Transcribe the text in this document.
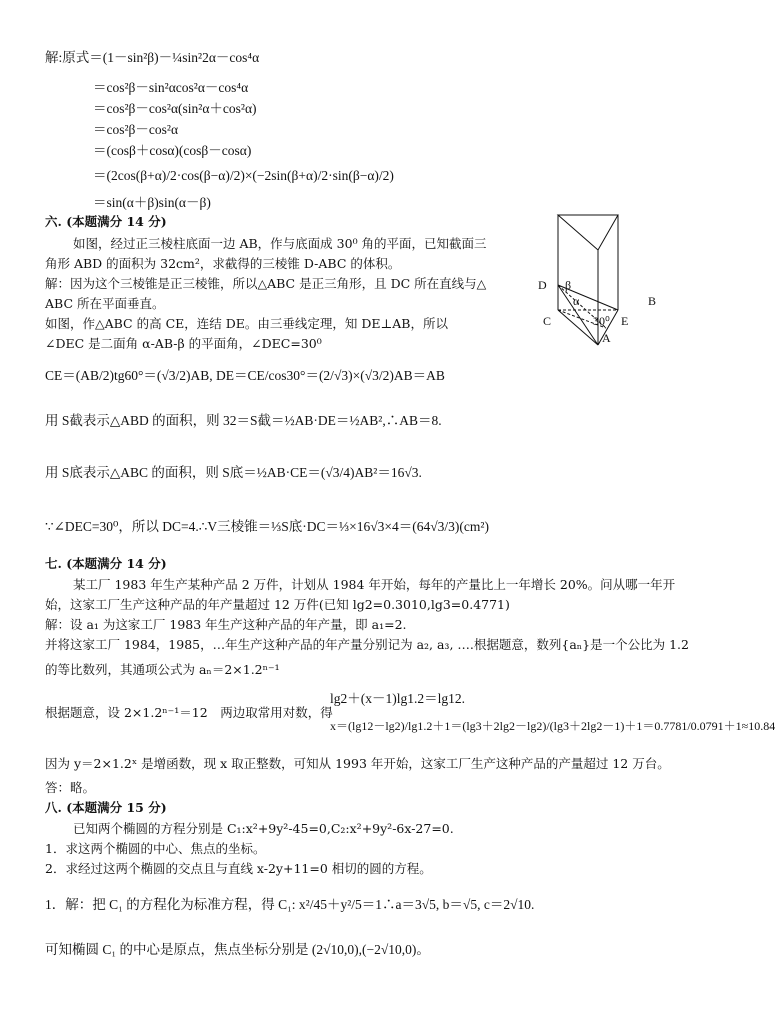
解:原式＝(1－sin²β)－¼sin²2α－cos⁴α
＝cos²β－sin²αcos²α－cos⁴α
＝cos²β－cos²α(sin²α＋cos²α)
＝cos²β－cos²α
＝(cosβ＋cosα)(cosβ－cosα)
＝(2cos(β+α)/2·cos(β−α)/2)×(−2sin(β+α)/2·sin(β−α)/2)
＝sin(α＋β)sin(α－β)
六. (本题满分 14 分)
如图，经过正三棱柱底面一边 AB，作与底面成 30⁰ 角的平面，已知截面三
角形 ABD 的面积为 32cm²，求截得的三棱锥 D-ABC 的体积。
解：因为这个三棱锥是正三棱锥，所以△ABC 是正三角形，且 DC 所在直线与△
ABC 所在平面垂直。
如图，作△ABC 的高 CE，连结 DE。由三垂线定理，知 DE⊥AB，所以
∠DEC 是二面角 α-AB-β 的平面角，∠DEC=30⁰
CE＝(AB/2)tg60°＝(√3/2)AB, DE＝CE/cos30°＝(2/√3)×(√3/2)AB＝AB
用 S截表示△ABD 的面积，则 32＝S截＝½AB·DE＝½AB²,∴AB＝8.
用 S底表示△ABC 的面积，则 S底＝½AB·CE＝(√3/4)AB²＝16√3.
∵∠DEC=30⁰，所以 DC=4.∴V三棱锥＝⅓S底·DC＝⅓×16√3×4＝(64√3/3)(cm²)
D β
α	B
C	30⁰ E
A
七. (本题满分 14 分)
某工厂 1983 年生产某种产品 2 万件，计划从 1984 年开始，每年的产量比上一年增长 20%。问从哪一年开
始，这家工厂生产这种产品的年产量超过 12 万件(已知 lg2=0.3010,lg3=0.4771)
解：设 a₁ 为这家工厂 1983 年生产这种产品的年产量，即 a₁=2.
并将这家工厂 1984，1985，…年生产这种产品的年产量分别记为 a₂, a₃, ….根据题意，数列{aₙ}是一个公比为 1.2
的等比数列，其通项公式为 aₙ＝2×1.2ⁿ⁻¹
lg2＋(x－1)lg1.2＝lg12.
根据题意，设 2×1.2ⁿ⁻¹＝12　两边取常用对数，得
x＝(lg12－lg2)/lg1.2＋1＝(lg3＋2lg2－lg2)/(lg3＋2lg2－1)＋1＝0.7781/0.0791＋1≈10.84
因为 y＝2×1.2ˣ 是增函数，现 x 取正整数，可知从 1993 年开始，这家工厂生产这种产品的产量超过 12 万台。
答：略。
八. (本题满分 15 分)
已知两个椭圆的方程分别是 C₁:x²+9y²-45=0,C₂:x²+9y²-6x-27=0.
1．求这两个椭圆的中心、焦点的坐标。
2．求经过这两个椭圆的交点且与直线 x-2y+11=0 相切的圆的方程。
1．解：把 C₁ 的方程化为标准方程，得 C₁: x²/45＋y²/5＝1∴a＝3√5, b＝√5, c＝2√10.
可知椭圆 C₁ 的中心是原点，焦点坐标分别是 (2√10,0),(−2√10,0)。
